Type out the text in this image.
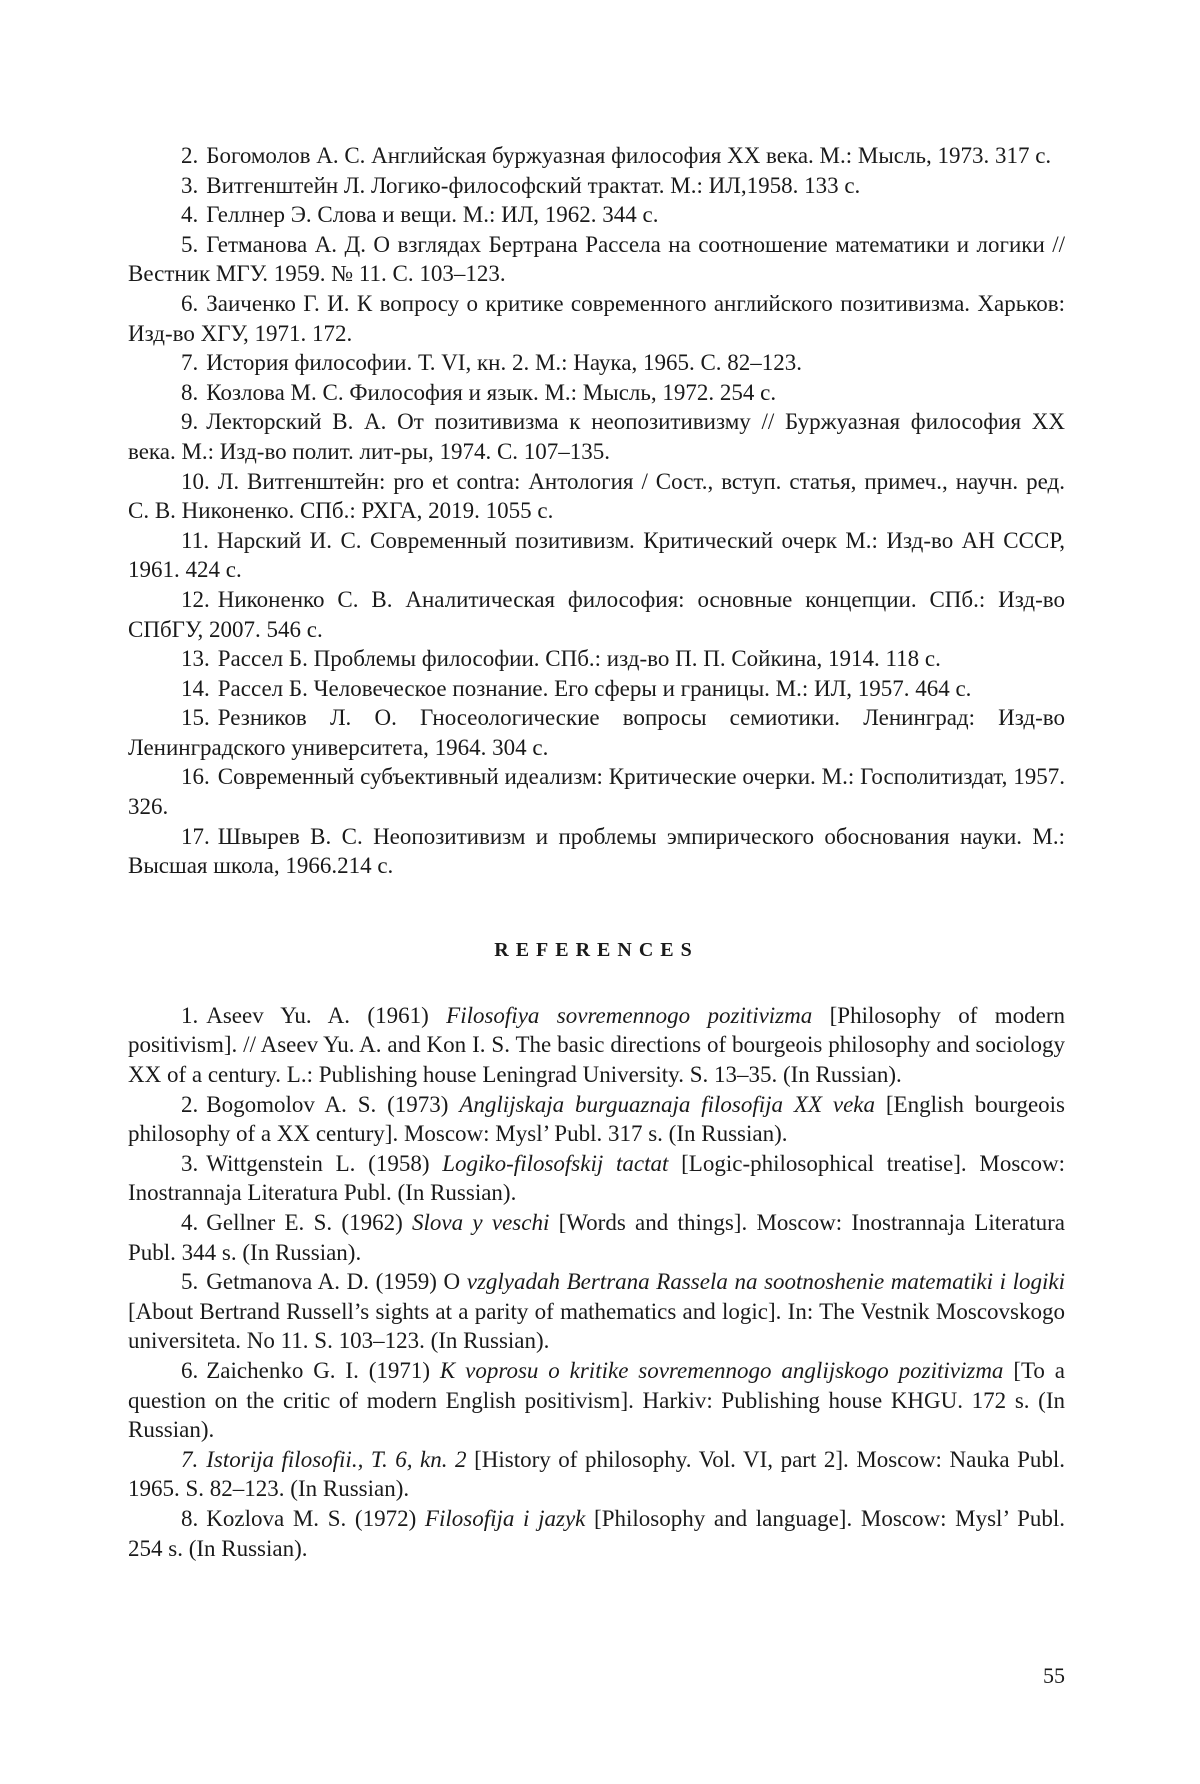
2. Богомолов А. С. Английская буржуазная философия XX века. М.: Мысль, 1973. 317 с.

3. Витгенштейн Л. Логико-философский трактат. М.: ИЛ,1958. 133 с.

4. Геллнер Э. Слова и вещи. М.: ИЛ, 1962. 344 с.

5. Гетманова А. Д. О взглядах Бертрана Рассела на соотношение математики и логики // Вестник МГУ. 1959. № 11. С. 103–123.

6. Заиченко Г. И. К вопросу о критике современного английского позитивизма. Харьков: Изд-во ХГУ, 1971. 172.

7. История философии. Т. VI, кн. 2. М.: Наука, 1965. С. 82–123.

8. Козлова М. С. Философия и язык. М.: Мысль, 1972. 254 с.

9. Лекторский В. А. От позитивизма к неопозитивизму // Буржуазная философия XX века. М.: Изд-во полит. лит-ры, 1974. С. 107–135.

10. Л. Витгенштейн: pro et contra: Антология / Сост., вступ. статья, примеч., научн. ред. С. В. Никоненко. СПб.: РХГА, 2019. 1055 с.

11. Нарский И. С. Современный позитивизм. Критический очерк М.: Изд-во АН СССР, 1961. 424 с.

12. Никоненко С. В. Аналитическая философия: основные концепции. СПб.: Изд-во СПбГУ, 2007. 546 с.

13. Рассел Б. Проблемы философии. СПб.: изд-во П. П. Сойкина, 1914. 118 с.

14. Рассел Б. Человеческое познание. Его сферы и границы. М.: ИЛ, 1957. 464 с.

15. Резников Л. О. Гносеологические вопросы семиотики. Ленинград: Изд-во Ленинградского университета, 1964. 304 с.

16. Современный субъективный идеализм: Критические очерки. М.: Госполитиздат, 1957. 326.

17. Швырев В. С. Неопозитивизм и проблемы эмпирического обоснования науки. М.: Высшая школа, 1966.214 с.

REFERENCES

1. Aseev Yu. A. (1961) Filosofiya sovremennogo pozitivizma [Philosophy of modern positivism]. // Aseev Yu. A. and Kon I. S. The basic directions of bourgeois philosophy and sociology XX of a century. L.: Publishing house Leningrad University. S. 13–35. (In Russian).

2. Bogomolov A. S. (1973) Anglijskaja burguaznaja filosofija XX veka [English bourgeois philosophy of a XX century]. Moscow: Mysl’ Publ. 317 s. (In Russian).

3. Wittgenstein L. (1958) Logiko-filosofskij tactat [Logic-philosophical treatise]. Moscow: Inostrannaja Literatura Publ. (In Russian).

4. Gellner E. S. (1962) Slova y veschi [Words and things]. Moscow: Inostrannaja Literatura Publ. 344 s. (In Russian).

5. Getmanova A. D. (1959) O vzglyadah Bertrana Rassela na sootnoshenie matematiki i logiki [About Bertrand Russell’s sights at a parity of mathematics and logic]. In: The Vestnik Moscovskogo universiteta. No 11. S. 103–123. (In Russian).

6. Zaichenko G. I. (1971) K voprosu o kritike sovremennogo anglijskogo pozitivizma [To a question on the critic of modern English positivism]. Harkiv: Publishing house KHGU. 172 s. (In Russian).

7. Istorija filosofii., T. 6, kn. 2 [History of philosophy. Vol. VI, part 2]. Moscow: Nauka Publ. 1965. S. 82–123. (In Russian).

8. Kozlova M. S. (1972) Filosofija i jazyk [Philosophy and language]. Moscow: Mysl’ Publ. 254 s. (In Russian).

55
